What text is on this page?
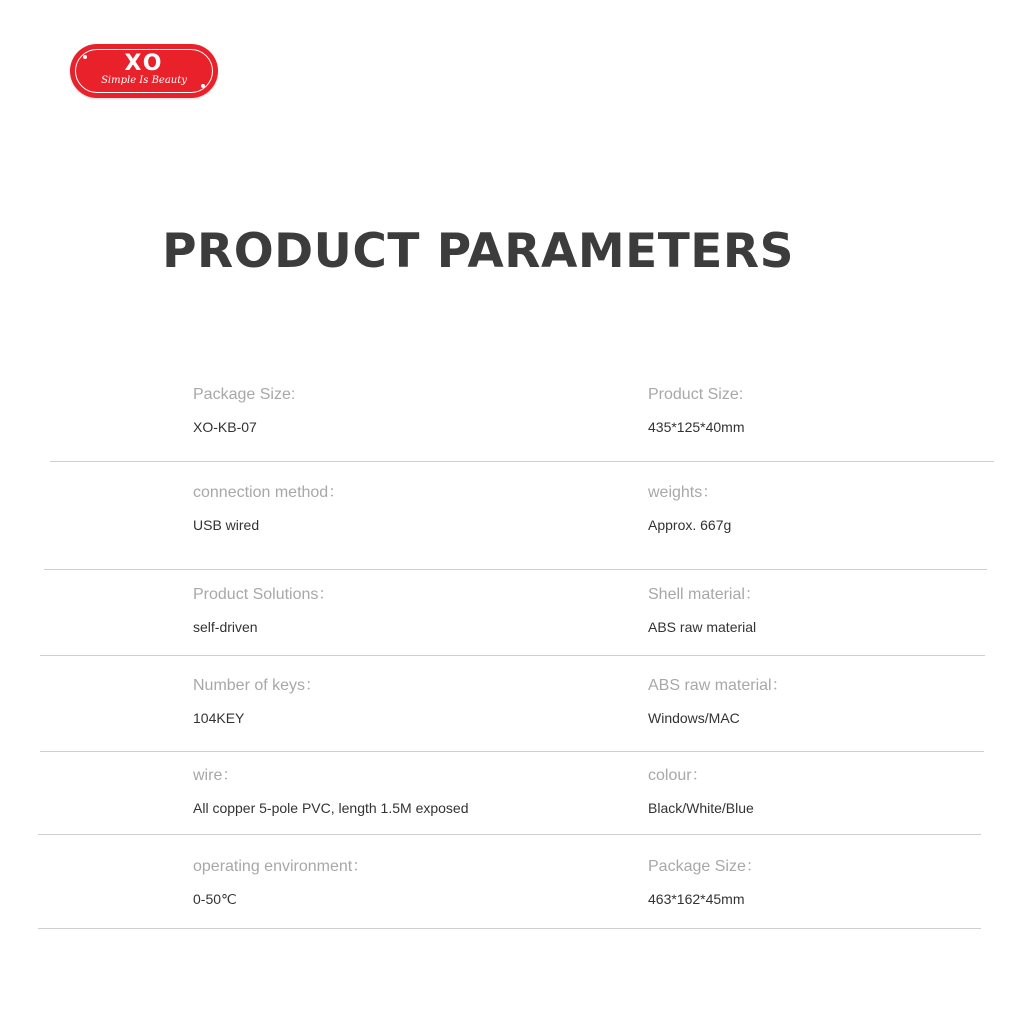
XO
Simple Is Beauty
PRODUCT PARAMETERS
Package Size:
XO-KB-07
Product Size:
435*125*40mm
connection method：
USB wired
weights：
Approx. 667g
Product Solutions：
self-driven
Shell material：
ABS raw material
Number of keys：
104KEY
ABS raw material：
Windows/MAC
wire：
All copper 5-pole PVC, length 1.5M exposed
colour：
Black/White/Blue
operating environment：
0-50℃
Package Size：
463*162*45mm
